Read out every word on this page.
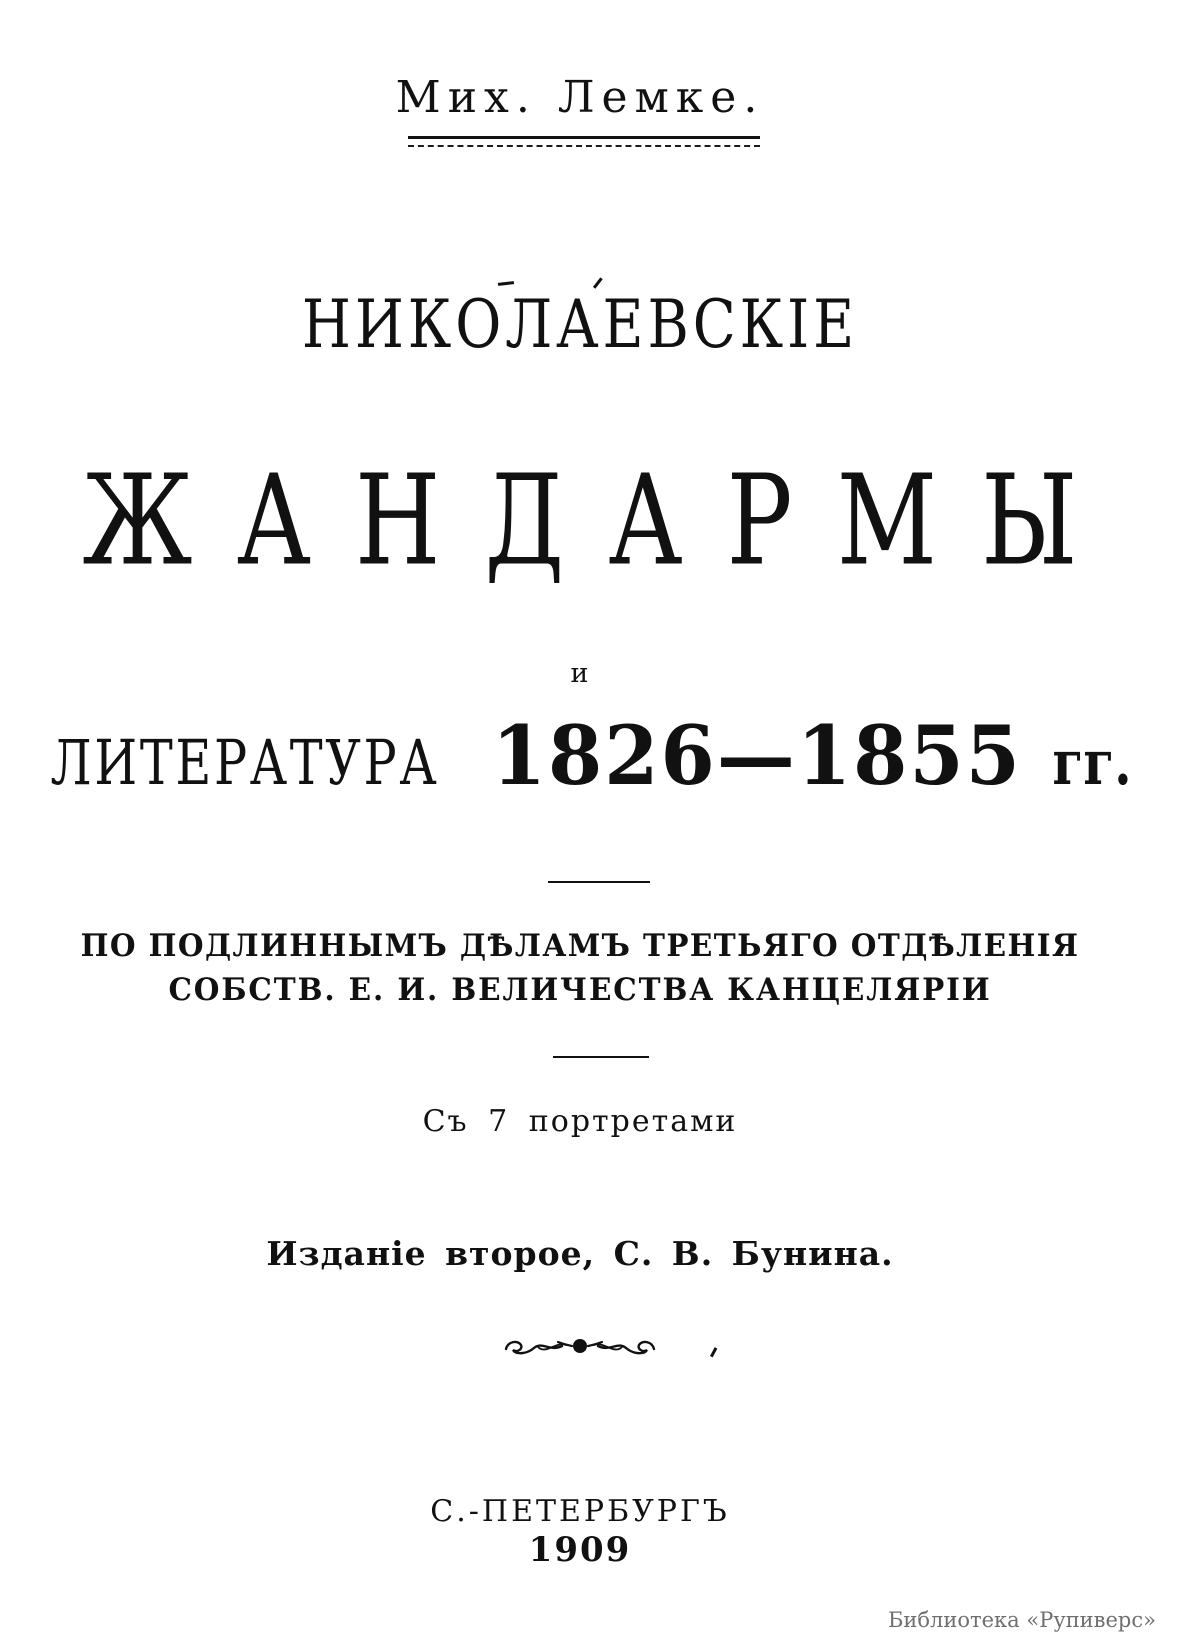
Мих. Лемке.
НИКОЛАЕВСКІЕ
ЖАНДАРМЫ
и
ЛИТЕРАТУРА 1826—1855 гг.
ПО ПОДЛИННЫМЪ ДѢЛАМЪ ТРЕТЬЯГО ОТДѢЛЕНІЯ
СОБСТВ. Е. И. ВЕЛИЧЕСТВА КАНЦЕЛЯРІИ
Съ 7 портретами
Изданіе второе, С. В. Бунина.
С.-ПЕТЕРБУРГЪ
1909
Библиотека «Рупиверс»
